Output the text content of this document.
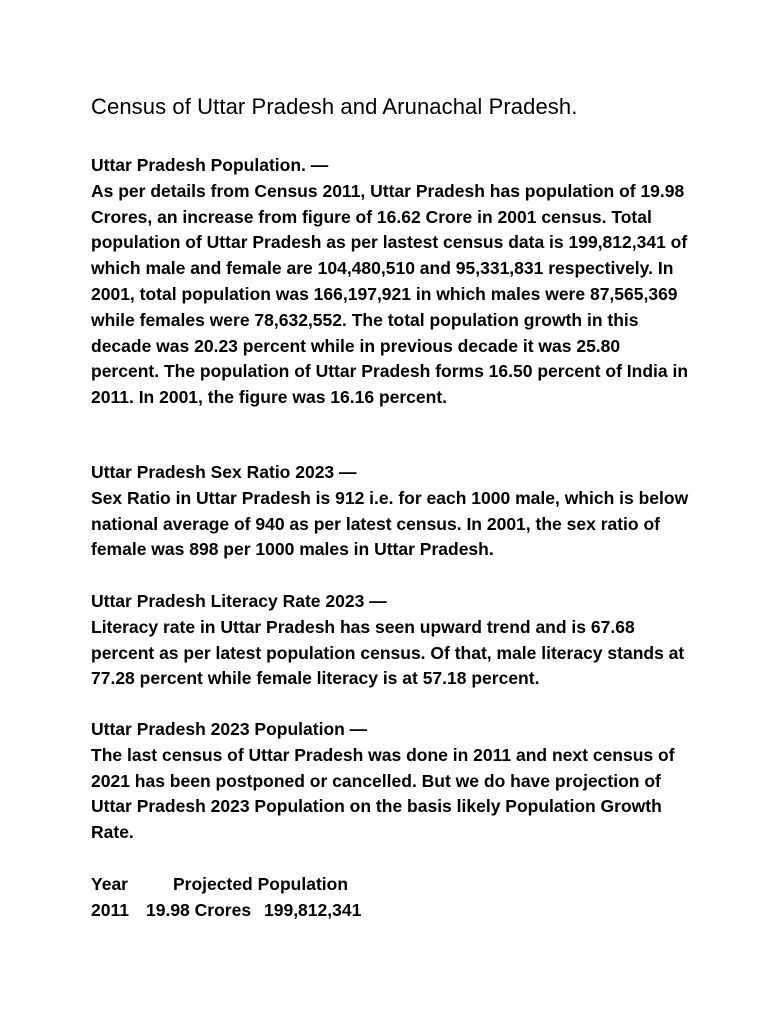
Census of Uttar Pradesh and Arunachal Pradesh.

Uttar Pradesh Population. —

As per details from Census 2011, Uttar Pradesh has population of 19.98 Crores, an increase from figure of 16.62 Crore in 2001 census. Total population of Uttar Pradesh as per lastest census data is 199,812,341 of which male and female are 104,480,510 and 95,331,831 respectively. In 2001, total population was 166,197,921 in which males were 87,565,369 while females were 78,632,552. The total population growth in this decade was 20.23 percent while in previous decade it was 25.80 percent. The population of Uttar Pradesh forms 16.50 percent of India in 2011. In 2001, the figure was 16.16 percent.

Uttar Pradesh Sex Ratio 2023 —

Sex Ratio in Uttar Pradesh is 912 i.e. for each 1000 male, which is below national average of 940 as per latest census. In 2001, the sex ratio of female was 898 per 1000 males in Uttar Pradesh.

Uttar Pradesh Literacy Rate 2023 —

Literacy rate in Uttar Pradesh has seen upward trend and is 67.68 percent as per latest population census. Of that, male literacy stands at 77.28 percent while female literacy is at 57.18 percent.

Uttar Pradesh 2023 Population —

The last census of Uttar Pradesh was done in 2011 and next census of 2021 has been postponed or cancelled. But we do have projection of Uttar Pradesh 2023 Population on the basis likely Population Growth Rate.

Year	Projected Population
2011 19.98 Crores 199,812,341
